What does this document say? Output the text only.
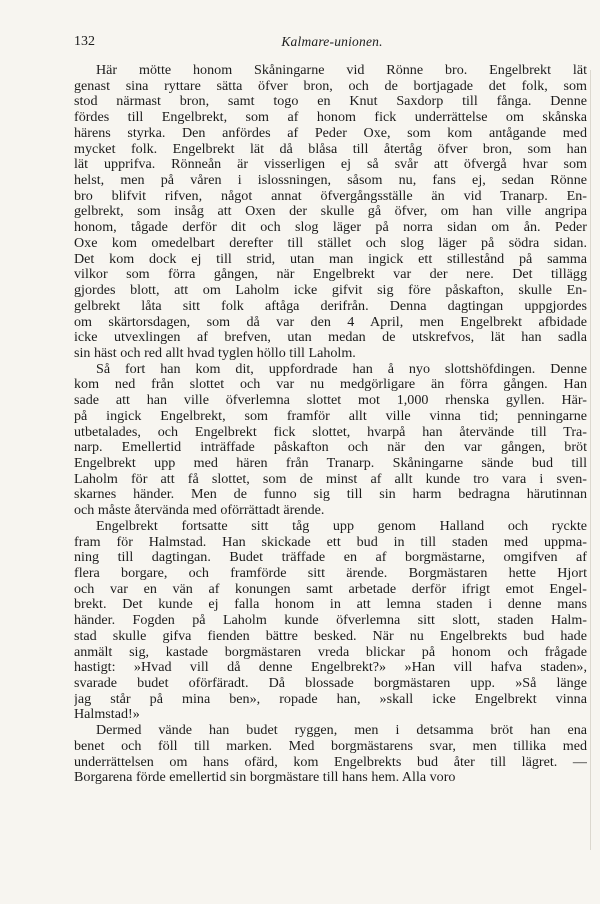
132	Kalmare-unionen.
Här mötte honom Skåningarne vid Rönne bro. Engelbrekt lät
genast sina ryttare sätta öfver bron, och de bortjagade det folk, som
stod närmast bron, samt togo en Knut Saxdorp till fånga. Denne
fördes till Engelbrekt, som af honom fick underrättelse om skånska
härens styrka. Den anfördes af Peder Oxe, som kom antågande med
mycket folk. Engelbrekt lät då blåsa till återtåg öfver bron, som han
lät upprifva. Rönneån är visserligen ej så svår att öfvergå hvar som
helst, men på våren i islossningen, såsom nu, fans ej, sedan Rönne
bro blifvit rifven, något annat öfvergångsställe än vid Tranarp. En-
gelbrekt, som insåg att Oxen der skulle gå öfver, om han ville angripa
honom, tågade derför dit och slog läger på norra sidan om ån. Peder
Oxe kom omedelbart derefter till stället och slog läger på södra sidan.
Det kom dock ej till strid, utan man ingick ett stillestånd på samma
vilkor som förra gången, när Engelbrekt var der nere. Det tillägg
gjordes blott, att om Laholm icke gifvit sig före påskafton, skulle En-
gelbrekt låta sitt folk aftåga derifrån. Denna dagtingan uppgjordes
om skärtorsdagen, som då var den 4 April, men Engelbrekt afbidade
icke utvexlingen af brefven, utan medan de utskrefvos, lät han sadla
sin häst och red allt hvad tyglen höllo till Laholm.
Så fort han kom dit, uppfordrade han å nyo slottshöfdingen. Denne
kom ned från slottet och var nu medgörligare än förra gången. Han
sade att han ville öfverlemna slottet mot 1,000 rhenska gyllen. Här-
på ingick Engelbrekt, som framför allt ville vinna tid; penningarne
utbetalades, och Engelbrekt fick slottet, hvarpå han återvände till Tra-
narp. Emellertid inträffade påskafton och när den var gången, bröt
Engelbrekt upp med hären från Tranarp. Skåningarne sände bud till
Laholm för att få slottet, som de minst af allt kunde tro vara i sven-
skarnes händer. Men de funno sig till sin harm bedragna härutinnan
och måste återvända med oförrättadt ärende.
Engelbrekt fortsatte sitt tåg upp genom Halland och ryckte
fram för Halmstad. Han skickade ett bud in till staden med uppma-
ning till dagtingan. Budet träffade en af borgmästarne, omgifven af
flera borgare, och framförde sitt ärende. Borgmästaren hette Hjort
och var en vän af konungen samt arbetade derför ifrigt emot Engel-
brekt. Det kunde ej falla honom in att lemna staden i denne mans
händer. Fogden på Laholm kunde öfverlemna sitt slott, staden Halm-
stad skulle gifva fienden bättre besked. När nu Engelbrekts bud hade
anmält sig, kastade borgmästaren vreda blickar på honom och frågade
hastigt: »Hvad vill då denne Engelbrekt?» »Han vill hafva staden»,
svarade budet oförfäradt. Då blossade borgmästaren upp. »Så länge
jag står på mina ben», ropade han, »skall icke Engelbrekt vinna
Halmstad!»
Dermed vände han budet ryggen, men i detsamma bröt han ena
benet och föll till marken. Med borgmästarens svar, men tillika med
underrättelsen om hans ofärd, kom Engelbrekts bud åter till lägret. —
Borgarena förde emellertid sin borgmästare till hans hem. Alla voro
